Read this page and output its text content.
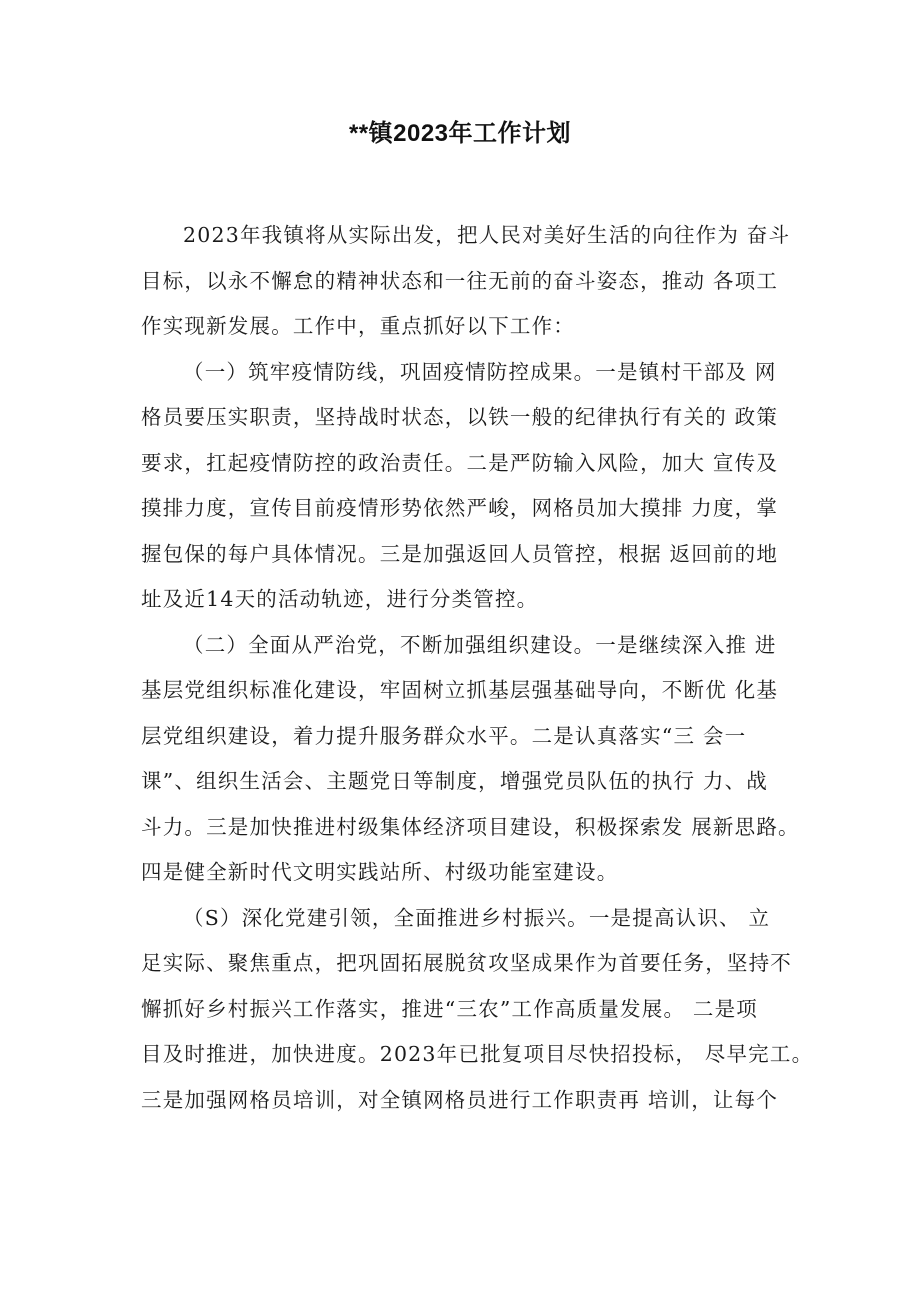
**镇2023年工作计划
2023年我镇将从实际出发，把人民对美好生活的向往作为 奋斗
目标，以永不懈怠的精神状态和一往无前的奋斗姿态，推动 各项工
作实现新发展。工作中，重点抓好以下工作：
（一）筑牢疫情防线，巩固疫情防控成果。一是镇村干部及 网
格员要压实职责，坚持战时状态，以铁一般的纪律执行有关的 政策
要求，扛起疫情防控的政治责任。二是严防输入风险，加大 宣传及
摸排力度，宣传目前疫情形势依然严峻，网格员加大摸排 力度，掌
握包保的每户具体情况。三是加强返回人员管控，根据 返回前的地
址及近14天的活动轨迹，进行分类管控。
（二）全面从严治党，不断加强组织建设。一是继续深入推 进
基层党组织标准化建设，牢固树立抓基层强基础导向，不断优 化基
层党组织建设，着力提升服务群众水平。二是认真落实“三 会一
课”、组织生活会、主题党日等制度，增强党员队伍的执行 力、战
斗力。三是加快推进村级集体经济项目建设，积极探索发 展新思路。
四是健全新时代文明实践站所、村级功能室建设。
（S）深化党建引领，全面推进乡村振兴。一是提高认识、 立
足实际、聚焦重点，把巩固拓展脱贫攻坚成果作为首要任务，坚持不
懈抓好乡村振兴工作落实，推进“三农”工作高质量发展。 二是项
目及时推进，加快进度。2023年已批复项目尽快招投标， 尽早完工。
三是加强网格员培训，对全镇网格员进行工作职责再 培训，让每个
